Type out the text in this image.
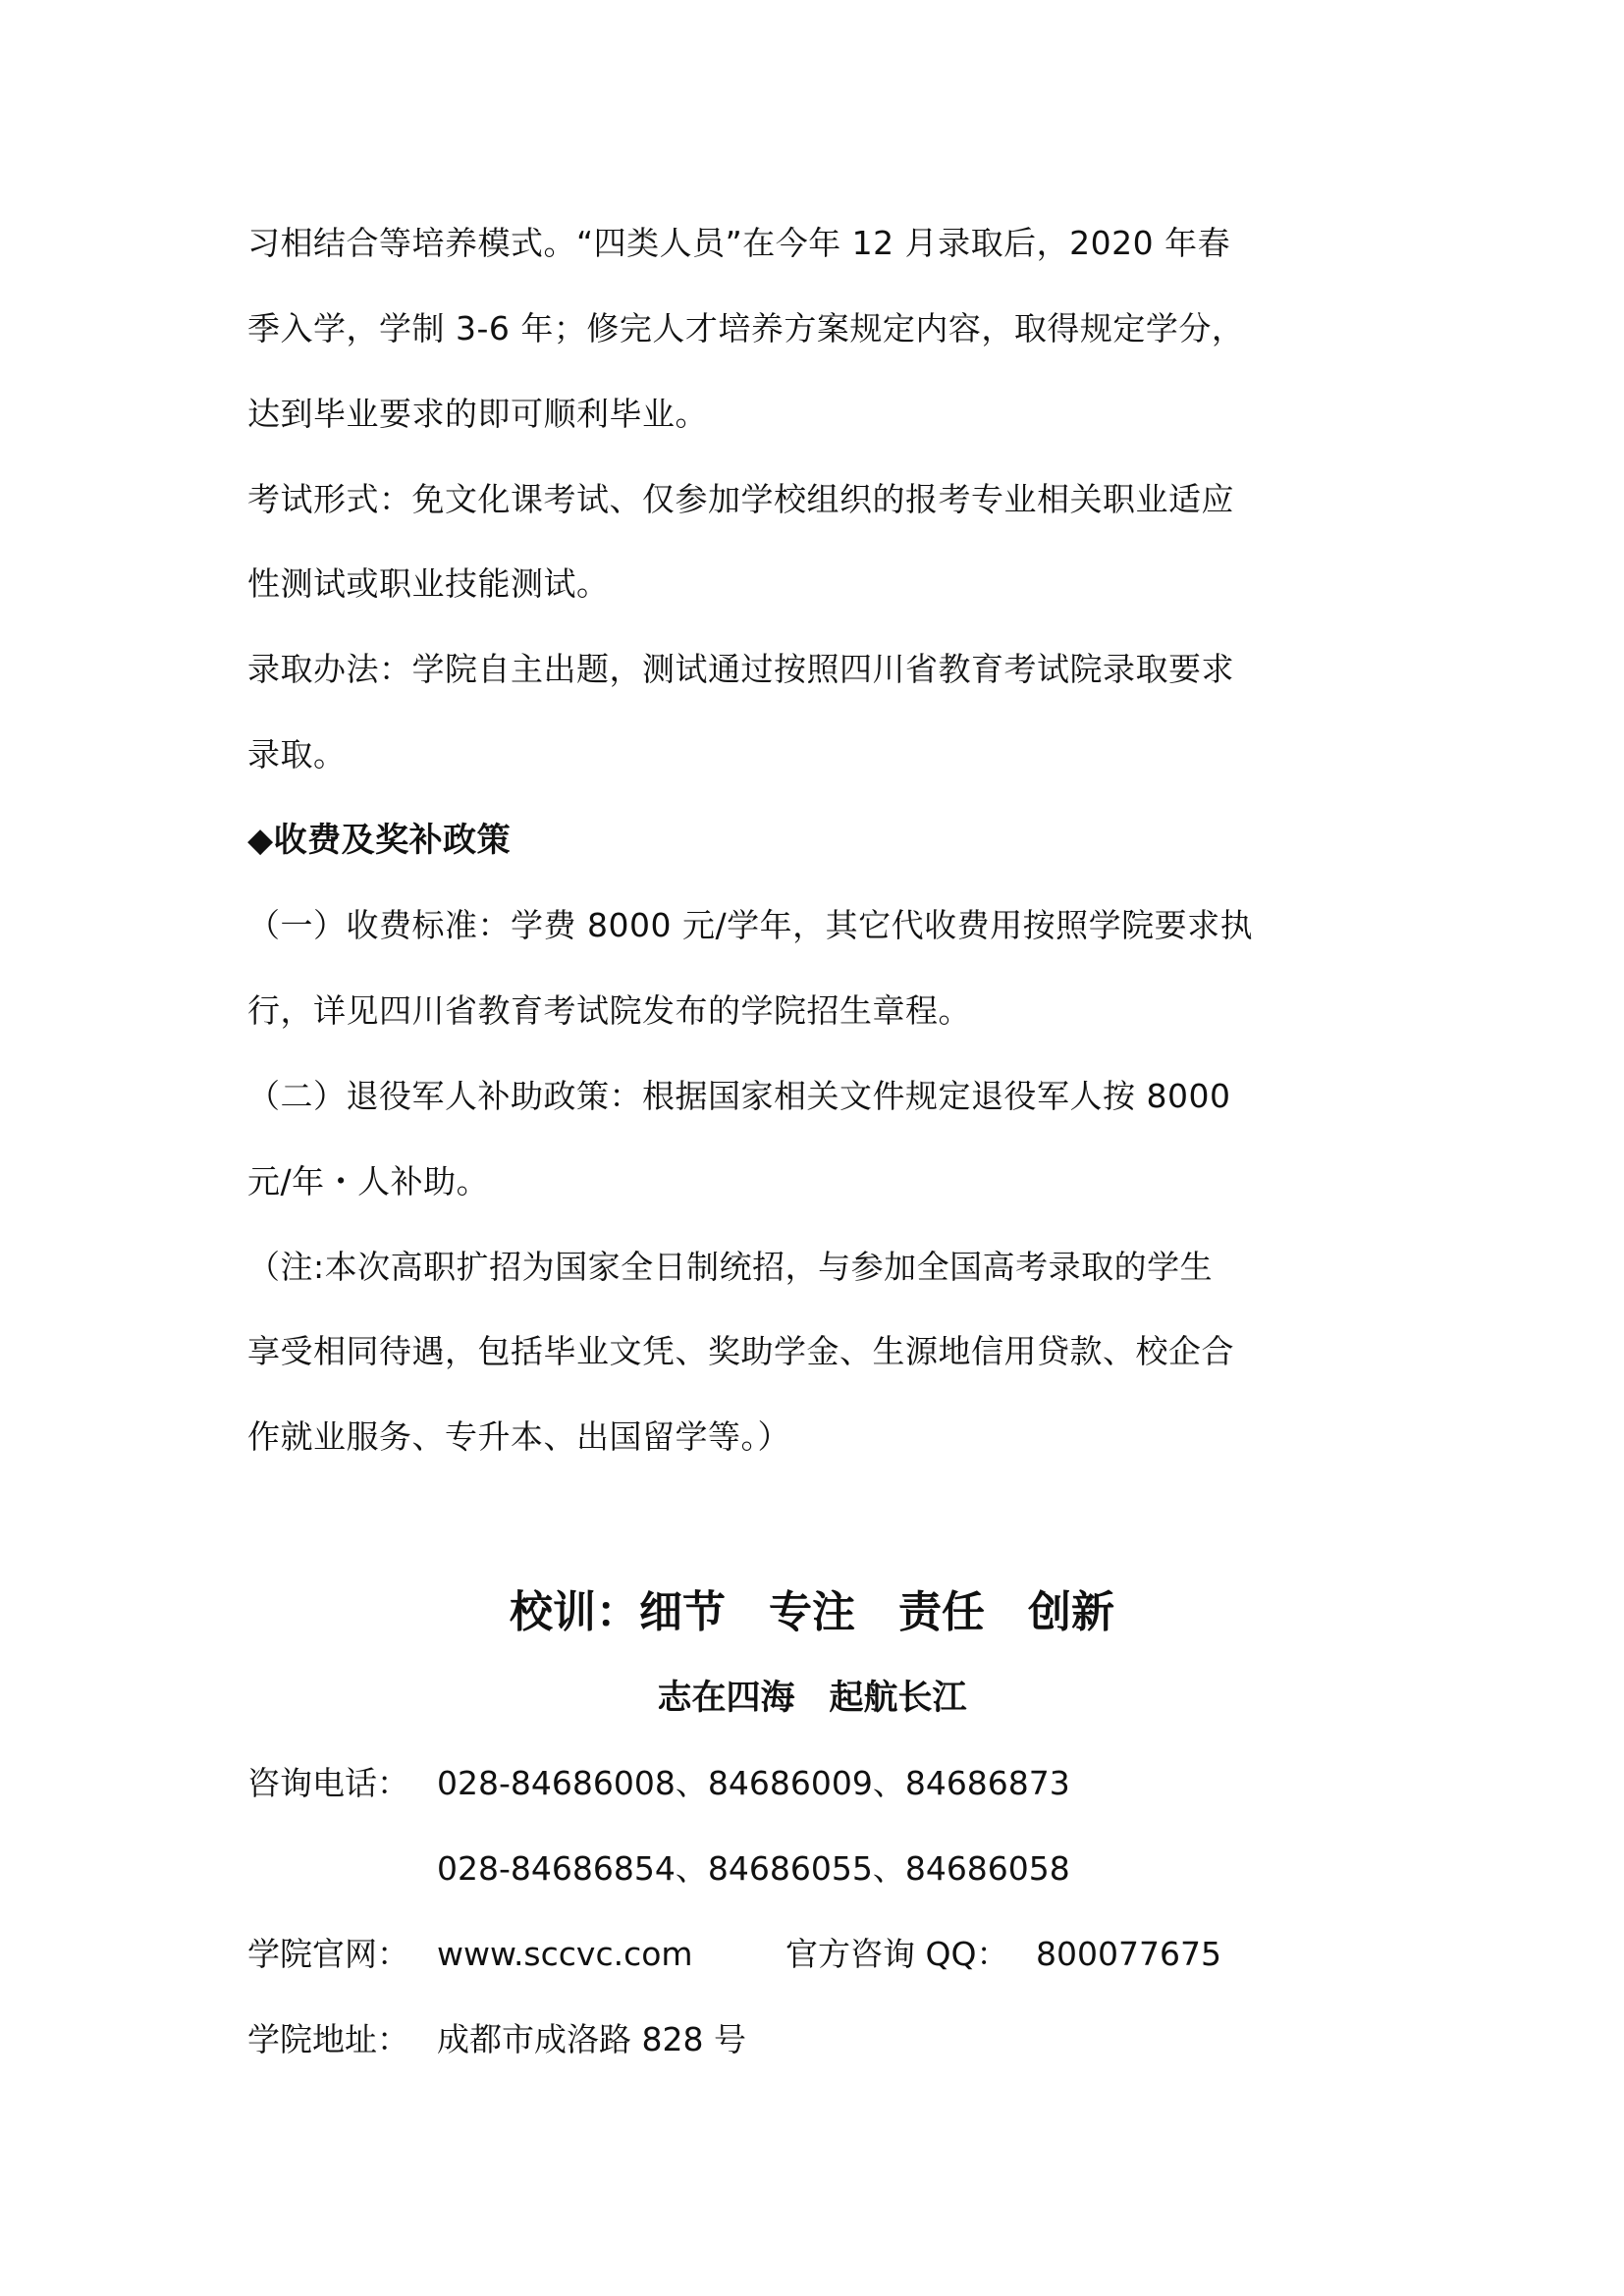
习相结合等培养模式。“四类人员”在今年 12 月录取后，2020 年春
季入学，学制 3-6 年；修完人才培养方案规定内容，取得规定学分，
达到毕业要求的即可顺利毕业。
考试形式：免文化课考试、仅参加学校组织的报考专业相关职业适应
性测试或职业技能测试。
录取办法：学院自主出题，测试通过按照四川省教育考试院录取要求
录取。
◆收费及奖补政策
（一）收费标准：学费 8000 元/学年，其它代收费用按照学院要求执
行，详见四川省教育考试院发布的学院招生章程。
（二）退役军人补助政策：根据国家相关文件规定退役军人按 8000
元/年・人补助。
（注:本次高职扩招为国家全日制统招，与参加全国高考录取的学生
享受相同待遇，包括毕业文凭、奖助学金、生源地信用贷款、校企合
作就业服务、专升本、出国留学等。）
校训：细节　专注　责任　创新
志在四海　起航长江
咨询电话： 028-84686008、84686009、84686873
028-84686854、84686055、84686058
学院官网： www.sccvc.com	官方咨询 QQ： 800077675
学院地址： 成都市成洛路 828 号
